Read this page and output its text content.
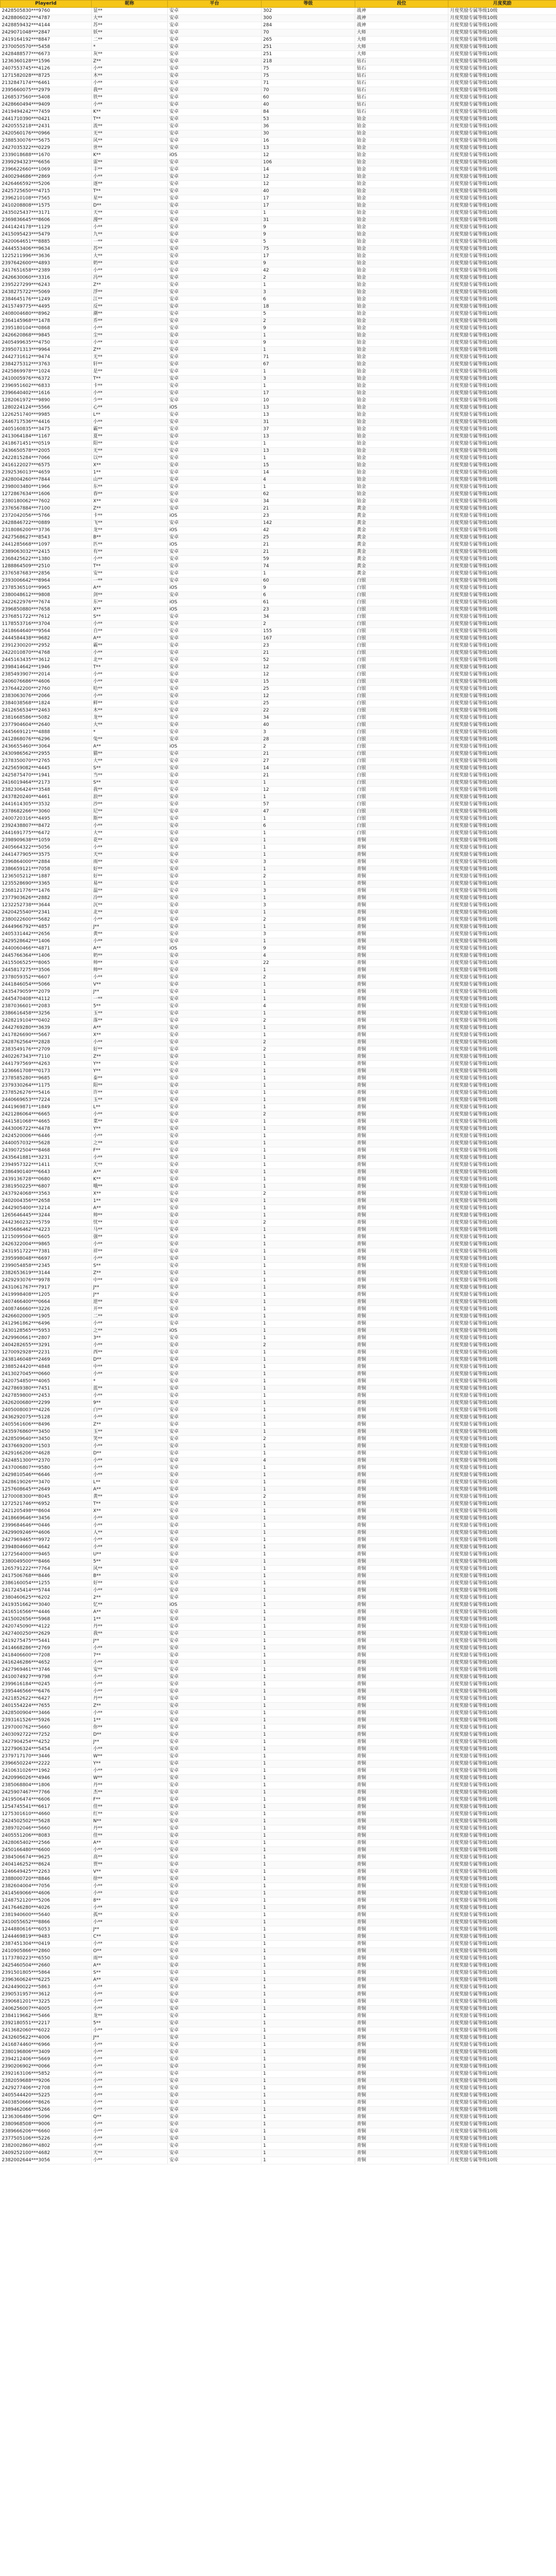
PlayerId	昵称	平台	等级	段位	月度奖励
2428505830***9760	显**	安卓	302	战神	月度奖励专属等级10级
2428806022***4787	大**	安卓	300	战神	月度奖励专属等级10级
2428859432***4144	苏**	安卓	284	战神	月度奖励专属等级10级
2429071048***2847	妖**	安卓	70	大师	月度奖励专属等级10级
2419164192***8847	二**	安卓	265	大师	月度奖励专属等级10级
2370050570***5458	*	安卓	251	大师	月度奖励专属等级10级
2428488577***6673	灰**	安卓	251	大师	月度奖励专属等级10级
1236360128***1596	Z**	安卓	218	钻石	月度奖励专属等级10级
2407553745***4126	小**	安卓	75	钻石	月度奖励专属等级10级
1271582028***8725	木**	安卓	75	钻石	月度奖励专属等级10级
2132847174***6461	小**	安卓	71	钻石	月度奖励专属等级10级
2395660075***2979	我**	安卓	70	钻石	月度奖励专属等级10级
1268537560***5408	铁**	安卓	60	钻石	月度奖励专属等级10级
2428660494***9409	小**	安卓	40	钻石	月度奖励专属等级10级
2419494242***7459	K**	安卓	84	钻石	月度奖励专属等级10级
2441710390***0421	T**	安卓	53	铂金	月度奖励专属等级10级
2420555218***2431	流**	安卓	36	铂金	月度奖励专属等级10级
2420560176***0966	无**	安卓	30	铂金	月度奖励专属等级10级
2388530076***5675	风**	安卓	16	铂金	月度奖励专属等级10级
2427035322***0229	世**	安卓	13	铂金	月度奖励专属等级10级
2339018688***1670	K**	iOS	12	铂金	月度奖励专属等级10级
2399294323***6656	雷**	安卓	106	铂金	月度奖励专属等级10级
2396622660***1069	丰**	安卓	14	铂金	月度奖励专属等级10级
2400294686***2869	小**	安卓	12	铂金	月度奖励专属等级10级
2426466592***5206	逐**	安卓	12	铂金	月度奖励专属等级10级
2425725650***4715	T**	安卓	40	铂金	月度奖励专属等级10级
2396210108***7565	星**	安卓	17	铂金	月度奖励专属等级10级
2410208808***1575	D**	安卓	17	铂金	月度奖励专属等级10级
2435025437***3171	天**	安卓	1	铂金	月度奖励专属等级10级
2369836645***8606	漫**	安卓	31	铂金	月度奖励专属等级10级
2441424178***1129	小**	安卓	9	铂金	月度奖励专属等级10级
2415095423***5479	九**	安卓	9	铂金	月度奖励专属等级10级
2420064651***8885	一**	安卓	5	铂金	月度奖励专属等级10级
2444553406***9634	苏**	安卓	75	铂金	月度奖励专属等级10级
1225211996***3636	大**	安卓	17	铂金	月度奖励专属等级10级
2397642600***4893	奶**	安卓	9	铂金	月度奖励专属等级10级
2417651658***2389	小**	安卓	42	铂金	月度奖励专属等级10级
2426630060***3316	冯**	安卓	2	铂金	月度奖励专属等级10级
2395227299***6243	Z**	安卓	1	铂金	月度奖励专属等级10级
2438275722***5069	浮**	安卓	3	铂金	月度奖励专属等级10级
2384645176***1249	江**	安卓	6	铂金	月度奖励专属等级10级
2415749775***4495	反**	安卓	18	铂金	月度奖励专属等级10级
2408004680***8962	潮**	安卓	5	铂金	月度奖励专属等级10级
2364145968***1478	乔**	安卓	2	铂金	月度奖励专属等级10级
2395180104***0868	小**	安卓	9	铂金	月度奖励专属等级10级
2426620868***9845	尘**	安卓	1	铂金	月度奖励专属等级10级
2405499635***4750	小**	安卓	9	铂金	月度奖励专属等级10级
2395071313***9964	Z**	安卓	1	铂金	月度奖励专属等级10级
2442731612***9474	无**	安卓	71	铂金	月度奖励专属等级10级
2384275312***3763	轩**	安卓	67	铂金	月度奖励专属等级10级
2425869978***1024	是**	安卓	1	铂金	月度奖励专属等级10级
2410005976***6372	T**	安卓	3	铂金	月度奖励专属等级10级
2396951602***6833	卡**	安卓	1	铂金	月度奖励专属等级10级
2396640402***1616	小**	安卓	17	铂金	月度奖励专属等级10级
1282061972***9890	少**	安卓	10	铂金	月度奖励专属等级10级
1280224124***5566	心**	iOS	13	铂金	月度奖励专属等级10级
1226251740***9985	L**	安卓	13	铂金	月度奖励专属等级10级
2446717536***4416	小**	安卓	31	铂金	月度奖励专属等级10级
2405160835***3475	霸**	安卓	37	铂金	月度奖励专属等级10级
2413064184***1167	夏**	安卓	13	铂金	月度奖励专属等级10级
2418671451***0519	阳**	安卓	1	铂金	月度奖励专属等级10级
2436650578***2005	无**	安卓	13	铂金	月度奖励专属等级10级
2422815284***7066	以**	安卓	1	铂金	月度奖励专属等级10级
2416122027***6575	X**	安卓	15	铂金	月度奖励专属等级10级
2392536013***4659	1**	安卓	14	铂金	月度奖励专属等级10级
2428004260***7844	山**	安卓	4	铂金	月度奖励专属等级10级
2398003480***1966	东**	安卓	1	铂金	月度奖励专属等级10级
1272867634***1606	春**	安卓	62	铂金	月度奖励专属等级10级
2380180062***7602	X**	安卓	34	铂金	月度奖励专属等级10级
2376567884***7100	Z**	安卓	21	黄金	月度奖励专属等级10级
2372042056***5766	卡**	iOS	23	黄金	月度奖励专属等级10级
2428846722***0889	飞**	安卓	142	黄金	月度奖励专属等级10级
2318086200***3736	龙**	iOS	42	黄金	月度奖励专属等级10级
2427568627***8543	B**	安卓	25	黄金	月度奖励专属等级10级
2441285668***1097	匹**	iOS	21	黄金	月度奖励专属等级10级
2389063032***2415	有**	安卓	21	黄金	月度奖励专属等级10级
2368425622***1380	小**	安卓	59	黄金	月度奖励专属等级10级
1288864509***2510	T**	安卓	74	黄金	月度奖励专属等级10级
2376587683***2856	安**	安卓	1	黄金	月度奖励专属等级10级
2393006642***8964	一**	安卓	60	白银	月度奖励专属等级10级
2378536510***9965	A**	iOS	9	白银	月度奖励专属等级10级
2380048612***9808	剑**	安卓	6	白银	月度奖励专属等级10级
2422622976***7674	东**	iOS	61	白银	月度奖励专属等级10级
2396850880***7658	X**	iOS	23	白银	月度奖励专属等级10级
2376851722***7612	S**	安卓	34	白银	月度奖励专属等级10级
1178553716***3704	小**	安卓	2	白银	月度奖励专属等级10级
2418664640***9564	自**	安卓	155	白银	月度奖励专属等级10级
2444584438***9682	A**	安卓	167	白银	月度奖励专属等级10级
2391230020***2952	霸**	安卓	23	白银	月度奖励专属等级10级
2422010870***4768	小**	安卓	21	白银	月度奖励专属等级10级
2445163435***3612	北**	安卓	52	白银	月度奖励专属等级10级
2398414642***1946	T**	安卓	12	白银	月度奖励专属等级10级
2385493907***2014	小**	安卓	12	白银	月度奖励专属等级10级
2406076686***4606	小**	安卓	15	白银	月度奖励专属等级10级
2376442200***2760	哈**	安卓	25	白银	月度奖励专属等级10级
2383063076***2066	小**	安卓	12	白银	月度奖励专属等级10级
2384038568***1824	鲜**	安卓	25	白银	月度奖励专属等级10级
2412656534***2463	木**	安卓	22	白银	月度奖励专属等级10级
2381668586***5082	龙**	安卓	34	白银	月度奖励专属等级10级
2377904604***2640	大**	安卓	40	白银	月度奖励专属等级10级
2445669121***4888	*	安卓	3	白银	月度奖励专属等级10级
2412868076***6296	兔**	安卓	28	白银	月度奖励专属等级10级
2436655460***3064	A**	iOS	2	白银	月度奖励专属等级10级
2430986562***2955	猫**	安卓	21	白银	月度奖励专属等级10级
2378350070***2765	大**	安卓	27	白银	月度奖励专属等级10级
2425659082***4445	S**	安卓	14	白银	月度奖励专属等级10级
2425875470***1941	当**	安卓	21	白银	月度奖励专属等级10级
2416019464***2173	S**	安卓	1	白银	月度奖励专属等级10级
2382306424***3548	我**	安卓	12	白银	月度奖励专属等级10级
2437820240***4461	浪**	安卓	1	白银	月度奖励专属等级10级
2441614305***3532	沙**	安卓	57	白银	月度奖励专属等级10级
2378682266***3060	尼**	安卓	47	白银	月度奖励专属等级10级
2400720316***4495	斯**	安卓	1	白银	月度奖励专属等级10级
2392438807***8472	小**	安卓	6	白银	月度奖励专属等级10级
2441691775***6472	大**	安卓	1	白银	月度奖励专属等级10级
2398909638***1059	花**	安卓	1	青铜	月度奖励专属等级10级
2405664322***5056	小**	安卓	1	青铜	月度奖励专属等级10级
2441477905***3575	天**	安卓	1	青铜	月度奖励专属等级10级
2396864000***2884	雨**	安卓	3	青铜	月度奖励专属等级10级
2386659121***7058	好**	安卓	1	青铜	月度奖励专属等级10级
1236505212***1887	好**	安卓	2	青铜	月度奖励专属等级10级
1235528690***3365	易**	安卓	1	青铜	月度奖励专属等级10级
2368121776***1476	温**	安卓	3	青铜	月度奖励专属等级10级
2377903626***2882	冷**	安卓	1	青铜	月度奖励专属等级10级
1232252738***3644	沉**	安卓	3	青铜	月度奖励专属等级10级
2420425540***2341	北**	安卓	1	青铜	月度奖励专属等级10级
2380022600***5682	小**	安卓	2	青铜	月度奖励专属等级10级
2444966792***4857	J**	安卓	1	青铜	月度奖励专属等级10级
2405331442***2656	黄**	安卓	3	青铜	月度奖励专属等级10级
2429528642***1406	小**	安卓	1	青铜	月度奖励专属等级10级
2440060466***4871	A**	iOS	9	青铜	月度奖励专属等级10级
2445766364***1406	奶**	安卓	4	青铜	月度奖励专属等级10级
2415506525***8065	帅**	安卓	22	青铜	月度奖励专属等级10级
2445817275***3506	帅**	安卓	1	青铜	月度奖励专属等级10级
2378059352***6607	小**	安卓	2	青铜	月度奖励专属等级10级
2441846054***5066	V**	安卓	1	青铜	月度奖励专属等级10级
2435479059***2079	J**	安卓	1	青铜	月度奖励专属等级10级
2445470408***4112	一**	安卓	1	青铜	月度奖励专属等级10级
2387036601***2083	5**	安卓	4	青铜	月度奖励专属等级10级
2386616458***3256	玉**	安卓	1	青铜	月度奖励专属等级10级
2428219104***0402	落**	安卓	2	青铜	月度奖励专属等级10级
2442769280***3639	A**	安卓	1	青铜	月度奖励专属等级10级
2417826690***5667	X**	安卓	1	青铜	月度奖励专属等级10级
2428762564***2828	小**	安卓	2	青铜	月度奖励专属等级10级
2383549176***2709	好**	安卓	2	青铜	月度奖励专属等级10级
2402267343***7110	Z**	安卓	1	青铜	月度奖励专属等级10级
2441797569***4263	Y**	安卓	1	青铜	月度奖励专属等级10级
1236661708***0173	Y**	安卓	1	青铜	月度奖励专属等级10级
2378585280***9685	泰**	安卓	1	青铜	月度奖励专属等级10级
2379330264***1175	阳**	安卓	1	青铜	月度奖励专属等级10级
2378526276***5416	许**	安卓	1	青铜	月度奖励专属等级10级
2440669653***7224	玉**	安卓	1	青铜	月度奖励专属等级10级
2441969871***1849	L**	安卓	1	青铜	月度奖励专属等级10级
2421286064***6665	小**	安卓	2	青铜	月度奖励专属等级10级
2441581068***4665	菜**	安卓	1	青铜	月度奖励专属等级10级
2443006722***4478	Y**	安卓	1	青铜	月度奖励专属等级10级
2424520006***6446	小**	安卓	1	青铜	月度奖励专属等级10级
2440057032***5628	之**	安卓	1	青铜	月度奖励专属等级10级
2439072504***8468	F**	安卓	1	青铜	月度奖励专属等级10级
2435641881***3231	小**	安卓	1	青铜	月度奖励专属等级10级
2394957322***1411	天**	安卓	1	青铜	月度奖励专属等级10级
2386490140***6643	A**	安卓	1	青铜	月度奖励专属等级10级
2439136728***0680	K**	安卓	1	青铜	月度奖励专属等级10级
2381950225***6807	哦**	安卓	1	青铜	月度奖励专属等级10级
2437924068***3563	X**	安卓	2	青铜	月度奖励专属等级10级
2402004356***2658	1**	安卓	1	青铜	月度奖励专属等级10级
2442905400***3214	A**	安卓	1	青铜	月度奖励专属等级10级
1265646445***3244	帅**	安卓	1	青铜	月度奖励专属等级10级
2442360232***5759	忧**	安卓	2	青铜	月度奖励专属等级10级
2435686462***4223	马**	安卓	1	青铜	月度奖励专属等级10级
1215099504***6605	强**	安卓	1	青铜	月度奖励专属等级10级
2426322004***9865	小**	安卓	1	青铜	月度奖励专属等级10级
2431951722***7381	祥**	安卓	1	青铜	月度奖励专属等级10级
2395998048***6697	小**	安卓	1	青铜	月度奖励专属等级10级
2399054858***2345	S**	安卓	1	青铜	月度奖励专属等级10级
2382653619***3144	Z**	安卓	1	青铜	月度奖励专属等级10级
2429293076***9978	中**	安卓	1	青铜	月度奖励专属等级10级
2431061767***7917	J**	安卓	1	青铜	月度奖励专属等级10级
2419998408***1205	J**	安卓	1	青铜	月度奖励专属等级10级
2407466400***0664	逆**	安卓	1	青铜	月度奖励专属等级10级
2408746660***3226	开**	安卓	1	青铜	月度奖励专属等级10级
2426602000***1905	二**	安卓	1	青铜	月度奖励专属等级10级
2412961862***6496	小**	安卓	1	青铜	月度奖励专属等级10级
2430128565***5953	之**	iOS	1	青铜	月度奖励专属等级10级
2429960661***2807	3**	安卓	1	青铜	月度奖励专属等级10级
2404282655***3291	小**	安卓	2	青铜	月度奖励专属等级10级
1270092928***2231	西**	安卓	1	青铜	月度奖励专属等级10级
2438146048***2469	D**	安卓	1	青铜	月度奖励专属等级10级
2388524420***4848	中**	安卓	1	青铜	月度奖励专属等级10级
2413027045***0660	小**	安卓	1	青铜	月度奖励专属等级10级
2420754850***4065	*	安卓	1	青铜	月度奖励专属等级10级
2427869380***7451	蓝**	安卓	1	青铜	月度奖励专属等级10级
2427859800***2453	小**	安卓	1	青铜	月度奖励专属等级10级
2426200680***2299	9**	安卓	1	青铜	月度奖励专属等级10级
2405008003***4226	白**	安卓	1	青铜	月度奖励专属等级10级
2436292075***5128	小**	安卓	1	青铜	月度奖励专属等级10级
2405561606***8496	Z**	安卓	1	青铜	月度奖励专属等级10级
2435976860***3450	玉**	安卓	1	青铜	月度奖励专属等级10级
2428509640***3450	笑**	安卓	2	青铜	月度奖励专属等级10级
2437669200***1503	小**	安卓	1	青铜	月度奖励专属等级10级
2429166206***4628	D**	安卓	1	青铜	月度奖励专属等级10级
2424851300***2370	小**	安卓	4	青铜	月度奖励专属等级10级
2437006807***9580	小**	安卓	1	青铜	月度奖励专属等级10级
2429810546***6646	小**	安卓	1	青铜	月度奖励专属等级10级
2428619026***3470	L**	安卓	1	青铜	月度奖励专属等级10级
1257608645***2649	A**	安卓	1	青铜	月度奖励专属等级10级
1270008300***8045	黄**	安卓	2	青铜	月度奖励专属等级10级
1272521746***6952	T**	安卓	1	青铜	月度奖励专属等级10级
2421205498***8604	X**	安卓	1	青铜	月度奖励专属等级10级
2418669646***3456	小**	安卓	1	青铜	月度奖励专属等级10级
2399684646***0446	小**	安卓	1	青铜	月度奖励专属等级10级
2429909246***4606	人**	安卓	1	青铜	月度奖励专属等级10级
2427969465***9972	小**	安卓	1	青铜	月度奖励专属等级10级
2394804660***4642	小**	安卓	1	青铜	月度奖励专属等级10级
1272564000***9465	U**	安卓	1	青铜	月度奖励专属等级10级
2380049500***8466	5**	安卓	1	青铜	月度奖励专属等级10级
1265791222***7764	风**	安卓	1	青铜	月度奖励专属等级10级
2417506768***8446	B**	安卓	1	青铜	月度奖励专属等级10级
2386160054***1255	好**	安卓	1	青铜	月度奖励专属等级10级
2417245414***5744	小**	安卓	1	青铜	月度奖励专属等级10级
2380460625***6202	2**	安卓	1	青铜	月度奖励专属等级10级
2419351662***3040	忆**	iOS	1	青铜	月度奖励专属等级10级
2416516566***4446	A**	安卓	1	青铜	月度奖励专属等级10级
2415002656***5968	1**	安卓	1	青铜	月度奖励专属等级10级
2420745090***4122	丹**	安卓	1	青铜	月度奖励专属等级10级
2427400250***2629	我**	安卓	1	青铜	月度奖励专属等级10级
2419275475***5441	J**	安卓	1	青铜	月度奖励专属等级10级
2414668286***2769	小**	安卓	1	青铜	月度奖励专属等级10级
2418406600***7208	7**	安卓	1	青铜	月度奖励专属等级10级
2416246286***4652	小**	安卓	1	青铜	月度奖励专属等级10级
2427969461***3746	安**	安卓	1	青铜	月度奖励专属等级10级
2410074927***9798	小**	安卓	1	青铜	月度奖励专属等级10级
2399616184***0245	小**	安卓	1	青铜	月度奖励专属等级10级
2395446566***6476	小**	安卓	1	青铜	月度奖励专属等级10级
2421852622***6427	丹**	安卓	1	青铜	月度奖励专属等级10级
2401554224***7655	Z**	安卓	1	青铜	月度奖励专属等级10级
2428500904***3466	小**	安卓	1	青铜	月度奖励专属等级10级
2393161526***5926	1**	安卓	1	青铜	月度奖励专属等级10级
1297000762***5660	你**	安卓	1	青铜	月度奖励专属等级10级
2403092722***7252	D**	安卓	1	青铜	月度奖励专属等级10级
2427904254***4252	J**	安卓	1	青铜	月度奖励专属等级10级
1227906324***5454	小**	安卓	1	青铜	月度奖励专属等级10级
2379717170***3446	W**	安卓	1	青铜	月度奖励专属等级10级
2396650224***2222	Y**	安卓	1	青铜	月度奖励专属等级10级
2410631026***1962	小**	安卓	1	青铜	月度奖励专属等级10级
2420996026***4946	W**	安卓	1	青铜	月度奖励专属等级10级
2385068804***1806	丹**	安卓	1	青铜	月度奖励专属等级10级
2425907467***7766	杰**	安卓	1	青铜	月度奖励专属等级10级
2419506474***6606	F**	安卓	1	青铜	月度奖励专属等级10级
1254745541***6617	佳**	安卓	1	青铜	月度奖励专属等级10级
1275301610***4660	红**	安卓	1	青铜	月度奖励专属等级10级
2424502502***5628	N**	安卓	1	青铜	月度奖励专属等级10级
2389702046***5660	丹**	安卓	1	青铜	月度奖励专属等级10级
2405551206***8083	佳**	安卓	1	青铜	月度奖励专属等级10级
2428065402***2566	A**	安卓	1	青铜	月度奖励专属等级10级
2450166480***6600	小**	安卓	1	青铜	月度奖励专属等级10级
2384506674***9625	高**	安卓	1	青铜	月度奖励专属等级10级
2404146252***8624	贾**	安卓	1	青铜	月度奖励专属等级10级
1246649425***2263	V**	安卓	1	青铜	月度奖励专属等级10级
2388000720***8846	徐**	安卓	1	青铜	月度奖励专属等级10级
2382604004***7056	小**	安卓	1	青铜	月度奖励专属等级10级
2414569066***4606	小**	安卓	1	青铜	月度奖励专属等级10级
1248752120***5206	8**	安卓	1	青铜	月度奖励专属等级10级
2417646280***4026	小**	安卓	1	青铜	月度奖励专属等级10级
2381940600***5640	孤**	安卓	1	青铜	月度奖励专属等级10级
2410055652***8866	小**	安卓	1	青铜	月度奖励专属等级10级
1244880616***6053	J**	安卓	1	青铜	月度奖励专属等级10级
1244469819***9483	C**	安卓	1	青铜	月度奖励专属等级10级
2387451304***0419	小**	安卓	1	青铜	月度奖励专属等级10级
2410905866***2860	O**	安卓	1	青铜	月度奖励专属等级10级
1173780223***6550	雨**	安卓	1	青铜	月度奖励专属等级10级
2425460504***2660	A**	安卓	1	青铜	月度奖励专属等级10级
2391501805***5864	S**	安卓	1	青铜	月度奖励专属等级10级
2396360624***6225	A**	安卓	1	青铜	月度奖励专属等级10级
2424490022***5863	小**	安卓	1	青铜	月度奖励专属等级10级
2390531957***3612	小**	安卓	1	青铜	月度奖励专属等级10级
2390681201***3225	小**	安卓	1	青铜	月度奖励专属等级10级
2406256007***4005	小**	安卓	1	青铜	月度奖励专属等级10级
2384119662***5466	龙**	安卓	1	青铜	月度奖励专属等级10级
2392180551***2217	5**	安卓	1	青铜	月度奖励专属等级10级
2413682060***6022	小**	安卓	1	青铜	月度奖励专属等级10级
2432605622***4006	J**	安卓	1	青铜	月度奖励专属等级10级
2416874460***6966	小**	安卓	1	青铜	月度奖励专属等级10级
2380196806***3409	小**	安卓	1	青铜	月度奖励专属等级10级
2394212406***5669	小**	安卓	1	青铜	月度奖励专属等级10级
2390206902***0066	小**	安卓	1	青铜	月度奖励专属等级10级
2392163106***5852	小**	安卓	1	青铜	月度奖励专属等级10级
2382059688***9206	小**	安卓	1	青铜	月度奖励专属等级10级
2429277406***2708	小**	安卓	1	青铜	月度奖励专属等级10级
2405544420***5225	小**	安卓	1	青铜	月度奖励专属等级10级
2403850666***8626	小**	安卓	1	青铜	月度奖励专属等级10级
2389462066***5266	小**	安卓	1	青铜	月度奖励专属等级10级
1236306486***5096	Q**	安卓	1	青铜	月度奖励专属等级10级
2380968508***9006	小**	安卓	1	青铜	月度奖励专属等级10级
2389666206***6660	小**	安卓	1	青铜	月度奖励专属等级10级
2377505106***5226	小**	安卓	1	青铜	月度奖励专属等级10级
2382002860***4802	小**	安卓	1	青铜	月度奖励专属等级10级
2409252100***4682	天**	安卓	1	青铜	月度奖励专属等级10级
2382002644***3056	小**	安卓	1	青铜	月度奖励专属等级10级
